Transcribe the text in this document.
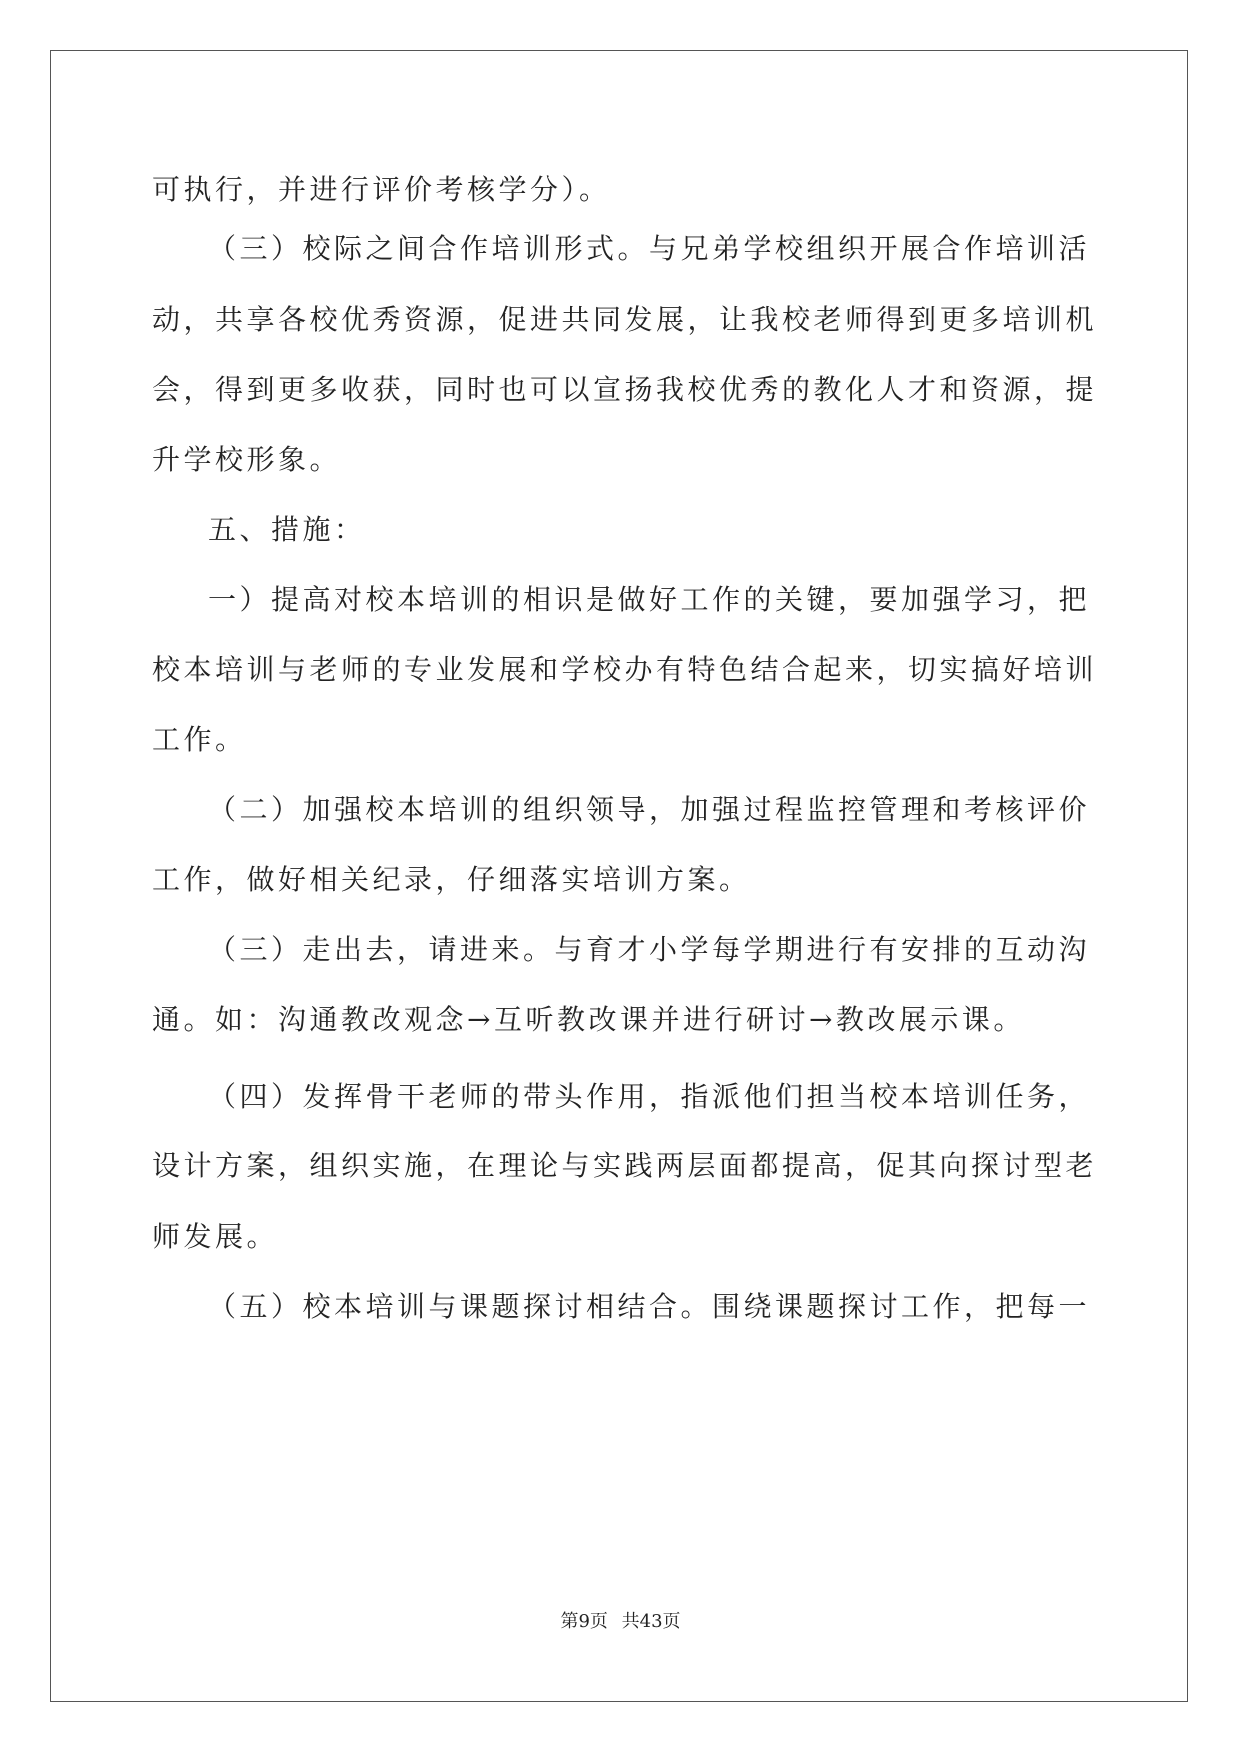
可执行，并进行评价考核学分）。
（三）校际之间合作培训形式。与兄弟学校组织开展合作培训活
动，共享各校优秀资源，促进共同发展，让我校老师得到更多培训机
会，得到更多收获，同时也可以宣扬我校优秀的教化人才和资源，提
升学校形象。
五、措施：
一）提高对校本培训的相识是做好工作的关键，要加强学习，把
校本培训与老师的专业发展和学校办有特色结合起来，切实搞好培训
工作。
（二）加强校本培训的组织领导，加强过程监控管理和考核评价
工作，做好相关纪录，仔细落实培训方案。
（三）走出去，请进来。与育才小学每学期进行有安排的互动沟
通。如：沟通教改观念→互听教改课并进行研讨→教改展示课。
（四）发挥骨干老师的带头作用，指派他们担当校本培训任务，
设计方案，组织实施，在理论与实践两层面都提高，促其向探讨型老
师发展。
（五）校本培训与课题探讨相结合。围绕课题探讨工作，把每一
第9页 共43页
